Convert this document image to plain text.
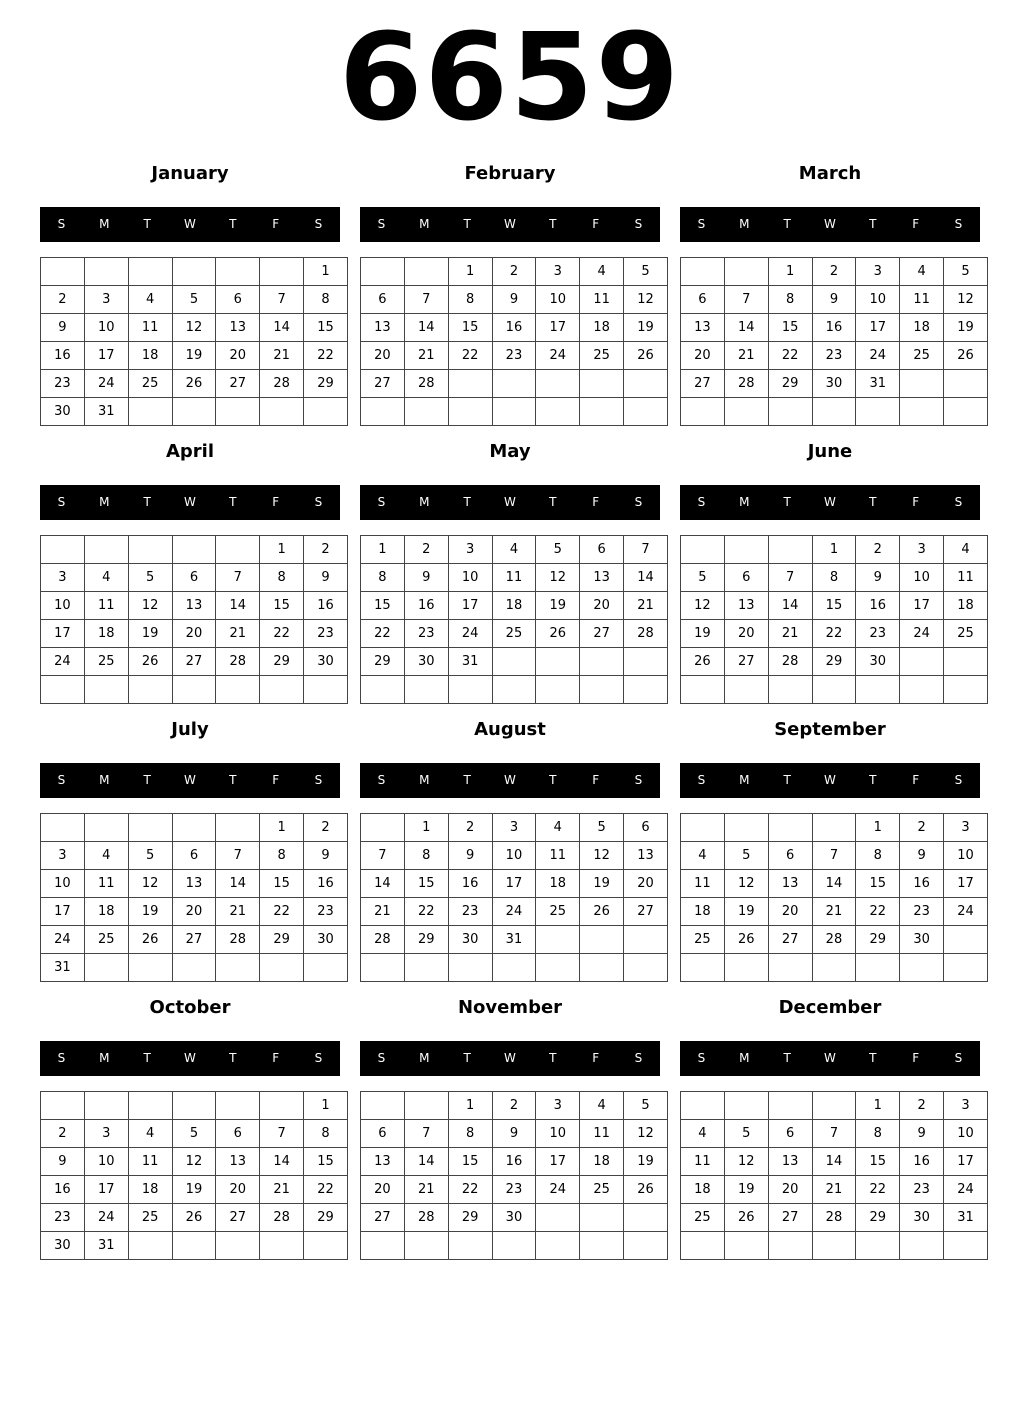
6659
January
S	M	T	W	T	F	S
						1
2	3	4	5	6	7	8
9	10	11	12	13	14	15
16	17	18	19	20	21	22
23	24	25	26	27	28	29
30	31					
February
S	M	T	W	T	F	S
		1	2	3	4	5
6	7	8	9	10	11	12
13	14	15	16	17	18	19
20	21	22	23	24	25	26
27	28					

March
S	M	T	W	T	F	S
		1	2	3	4	5
6	7	8	9	10	11	12
13	14	15	16	17	18	19
20	21	22	23	24	25	26
27	28	29	30	31		

April
S	M	T	W	T	F	S
					1	2
3	4	5	6	7	8	9
10	11	12	13	14	15	16
17	18	19	20	21	22	23
24	25	26	27	28	29	30

May
S	M	T	W	T	F	S
1	2	3	4	5	6	7
8	9	10	11	12	13	14
15	16	17	18	19	20	21
22	23	24	25	26	27	28
29	30	31				

June
S	M	T	W	T	F	S
			1	2	3	4
5	6	7	8	9	10	11
12	13	14	15	16	17	18
19	20	21	22	23	24	25
26	27	28	29	30		

July
S	M	T	W	T	F	S
					1	2
3	4	5	6	7	8	9
10	11	12	13	14	15	16
17	18	19	20	21	22	23
24	25	26	27	28	29	30
31						
August
S	M	T	W	T	F	S
	1	2	3	4	5	6
7	8	9	10	11	12	13
14	15	16	17	18	19	20
21	22	23	24	25	26	27
28	29	30	31			

September
S	M	T	W	T	F	S
				1	2	3
4	5	6	7	8	9	10
11	12	13	14	15	16	17
18	19	20	21	22	23	24
25	26	27	28	29	30	

October
S	M	T	W	T	F	S
						1
2	3	4	5	6	7	8
9	10	11	12	13	14	15
16	17	18	19	20	21	22
23	24	25	26	27	28	29
30	31					
November
S	M	T	W	T	F	S
		1	2	3	4	5
6	7	8	9	10	11	12
13	14	15	16	17	18	19
20	21	22	23	24	25	26
27	28	29	30			

December
S	M	T	W	T	F	S
				1	2	3
4	5	6	7	8	9	10
11	12	13	14	15	16	17
18	19	20	21	22	23	24
25	26	27	28	29	30	31
